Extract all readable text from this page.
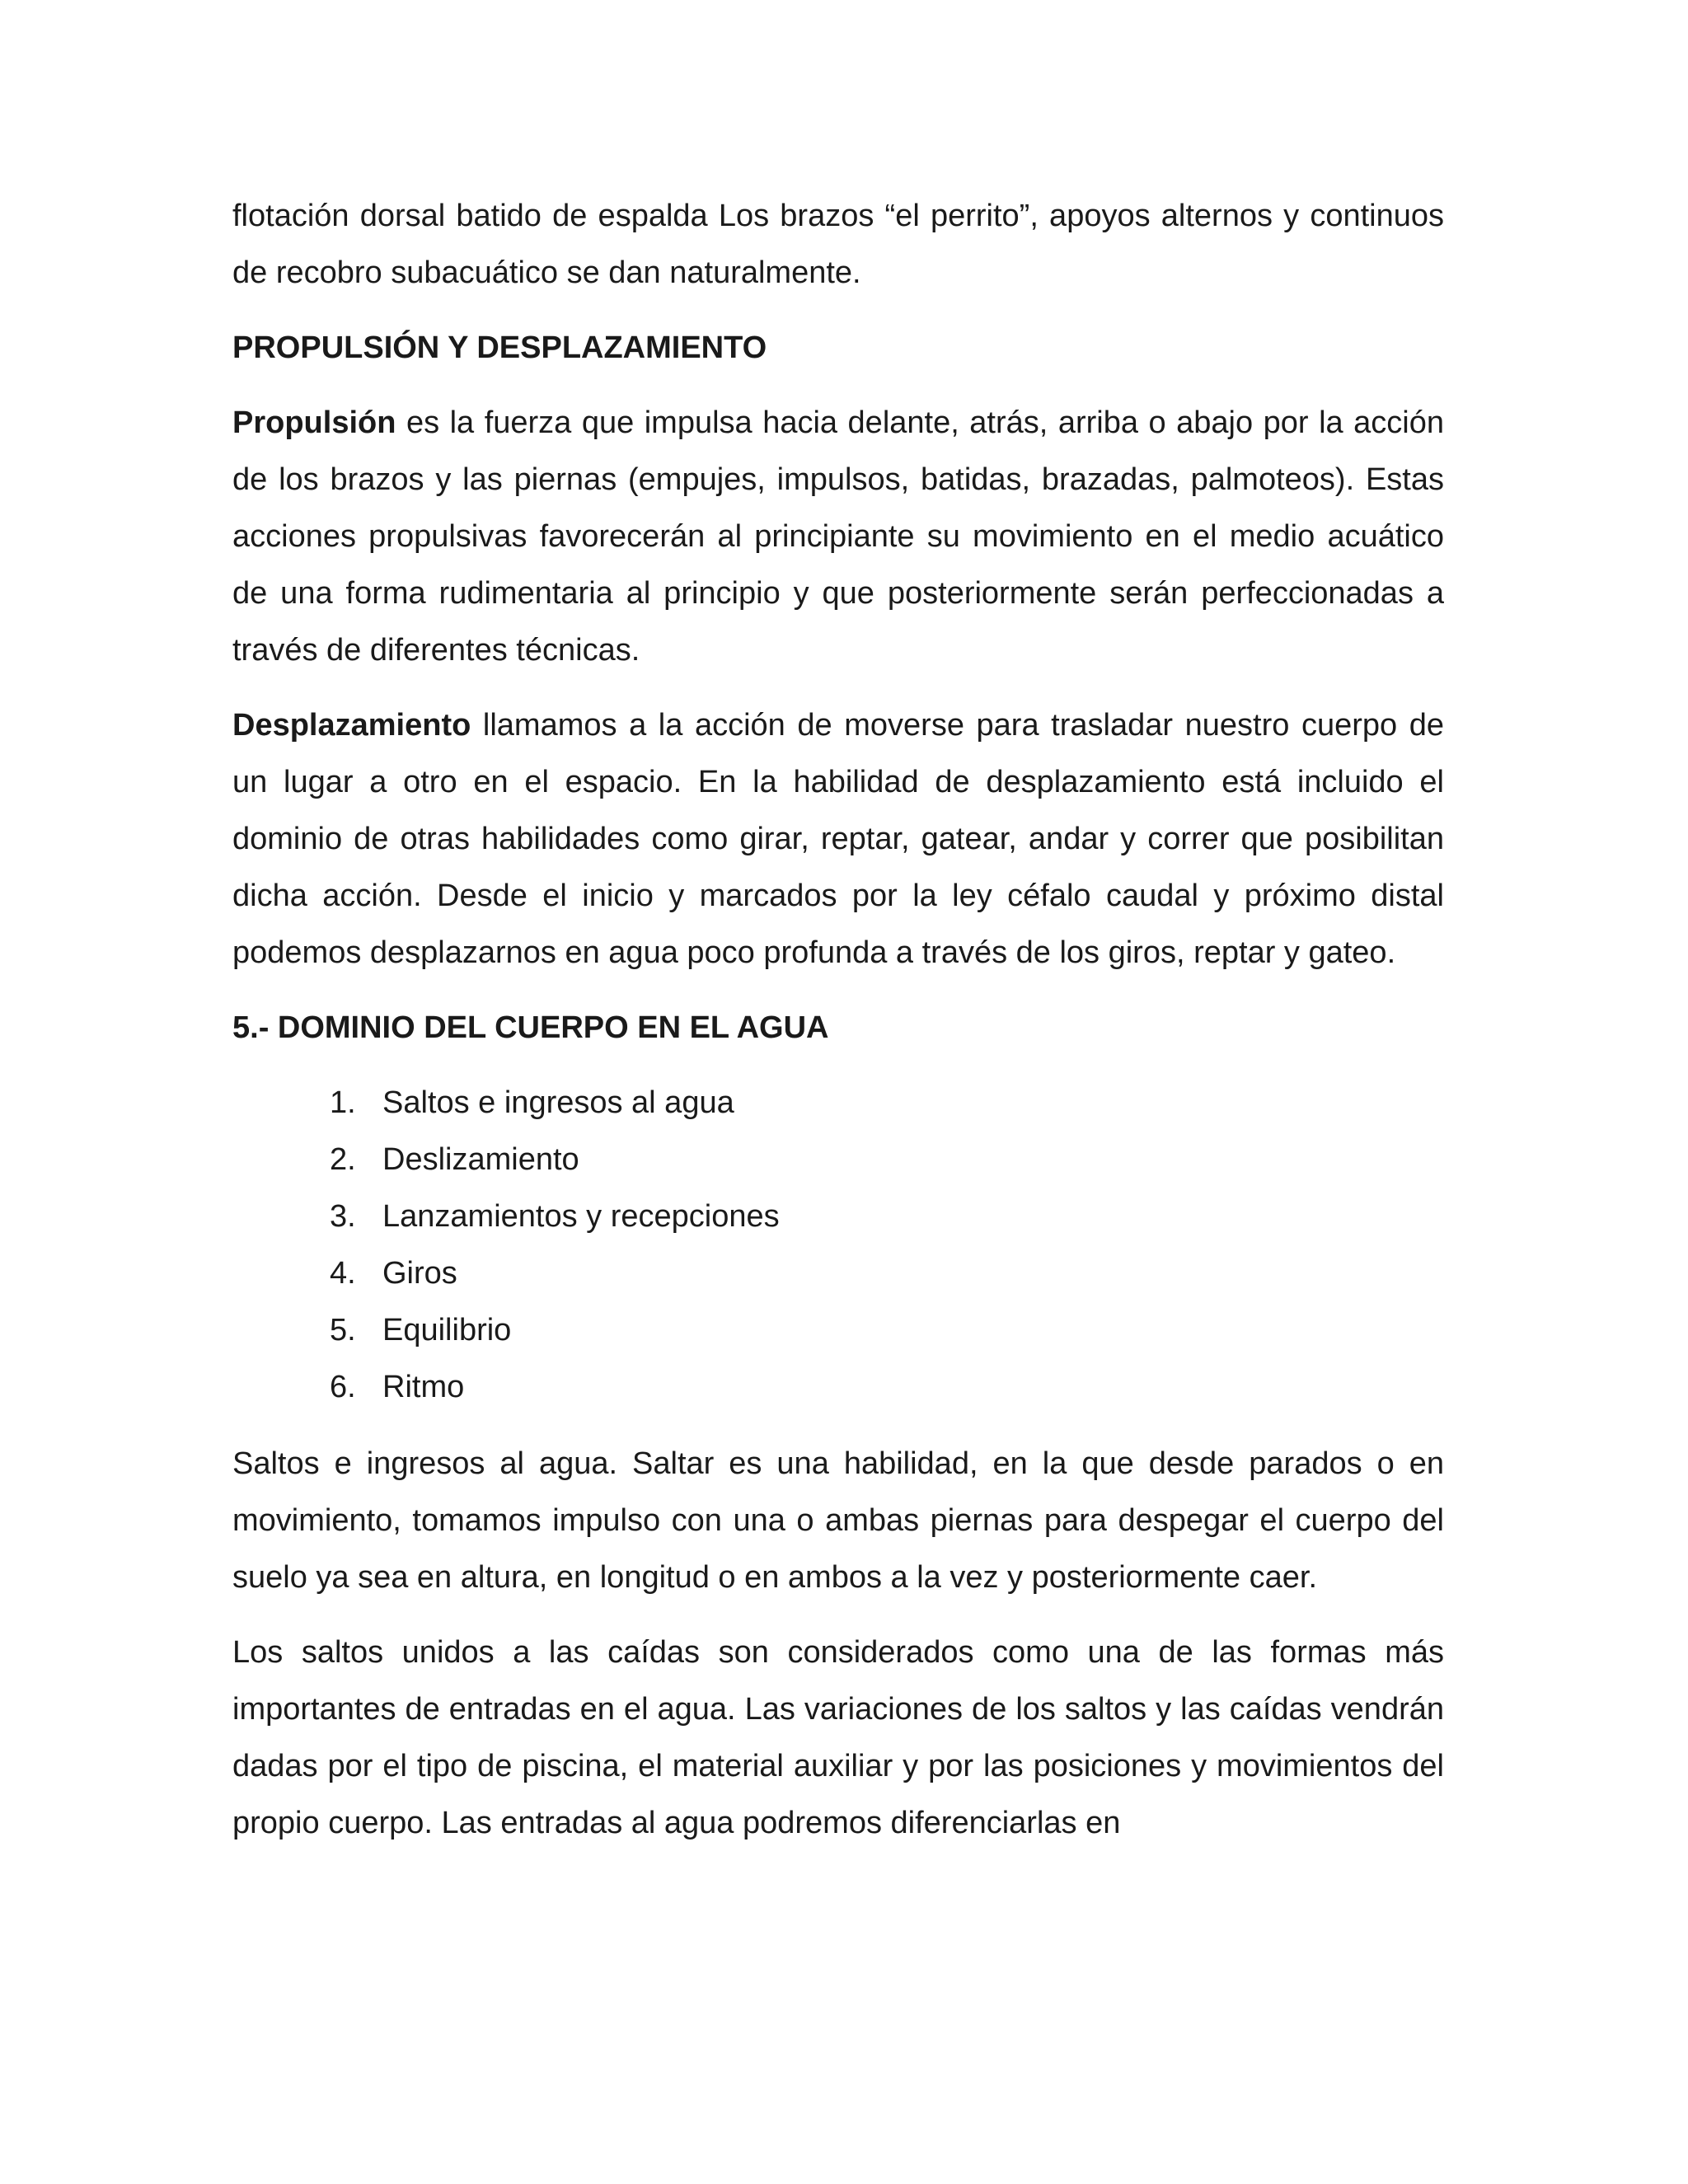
flotación dorsal batido de espalda Los brazos “el perrito”, apoyos alternos y continuos de recobro subacuático se dan naturalmente.

PROPULSIÓN Y DESPLAZAMIENTO

Propulsión es la fuerza que impulsa hacia delante, atrás, arriba o abajo por la acción de los brazos y las piernas (empujes, impulsos, batidas, brazadas, palmoteos). Estas acciones propulsivas favorecerán al principiante su movimiento en el medio acuático de una forma rudimentaria al principio y que posteriormente serán perfeccionadas a través de diferentes técnicas.

Desplazamiento llamamos a la acción de moverse para trasladar nuestro cuerpo de un lugar a otro en el espacio. En la habilidad de desplazamiento está incluido el dominio de otras habilidades como girar, reptar, gatear, andar y correr que posibilitan dicha acción. Desde el inicio y marcados por la ley céfalo caudal y próximo distal podemos desplazarnos en agua poco profunda a través de los giros, reptar y gateo.

5.- DOMINIO DEL CUERPO EN EL AGUA
1. Saltos e ingresos al agua
2. Deslizamiento
3. Lanzamientos y recepciones
4. Giros
5. Equilibrio
6. Ritmo

Saltos e ingresos al agua. Saltar es una habilidad, en la que desde parados o en movimiento, tomamos impulso con una o ambas piernas para despegar el cuerpo del suelo ya sea en altura, en longitud o en ambos a la vez y posteriormente caer.

Los saltos unidos a las caídas son considerados como una de las formas más importantes de entradas en el agua. Las variaciones de los saltos y las caídas vendrán dadas por el tipo de piscina, el material auxiliar y por las posiciones y movimientos del propio cuerpo. Las entradas al agua podremos diferenciarlas en
